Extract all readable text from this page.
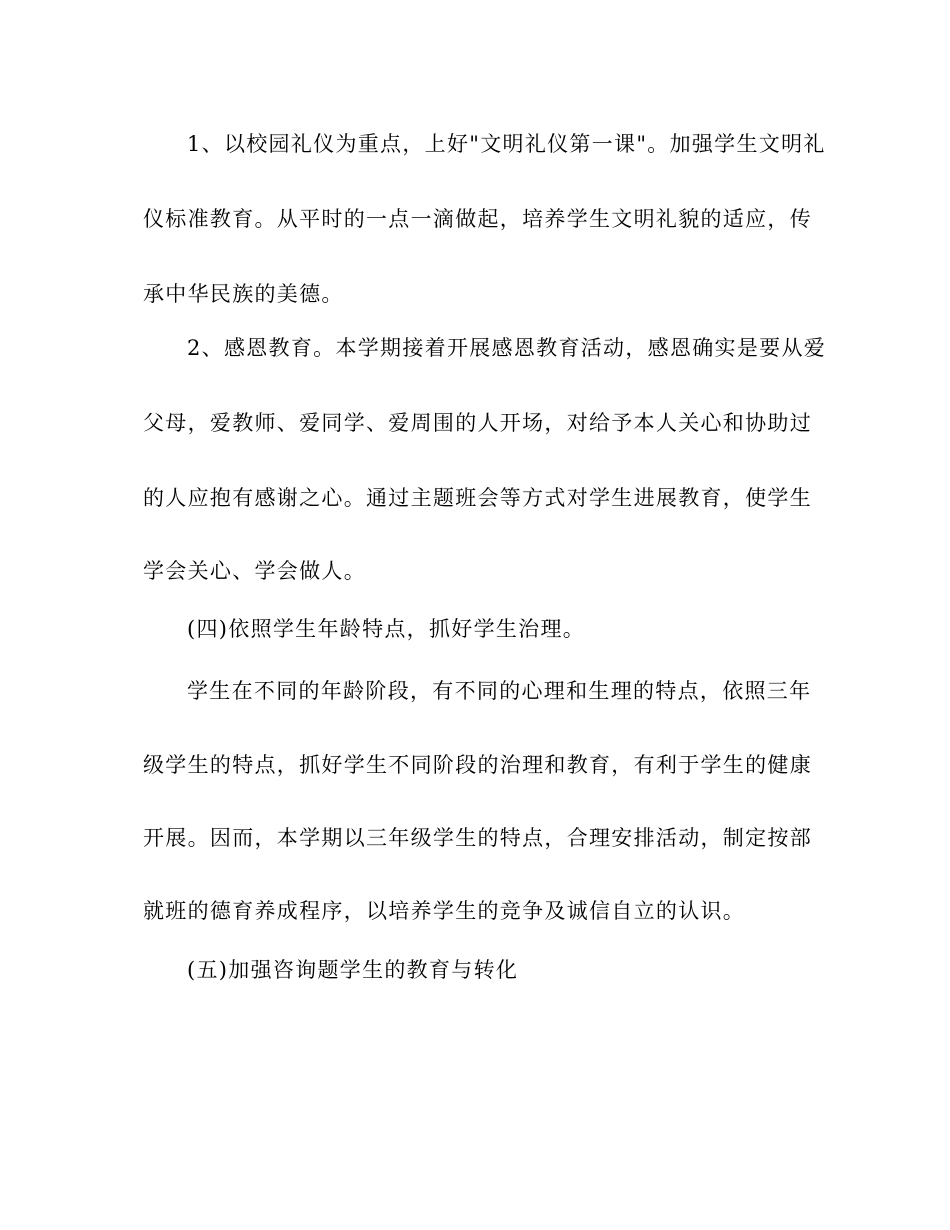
1、以校园礼仪为重点，上好"文明礼仪第一课"。加强学生文明礼
仪标准教育。从平时的一点一滴做起，培养学生文明礼貌的适应，传
承中华民族的美德。
2、感恩教育。本学期接着开展感恩教育活动，感恩确实是要从爱
父母，爱教师、爱同学、爱周围的人开场，对给予本人关心和协助过
的人应抱有感谢之心。通过主题班会等方式对学生进展教育，使学生
学会关心、学会做人。
(四)依照学生年龄特点，抓好学生治理。
学生在不同的年龄阶段，有不同的心理和生理的特点，依照三年
级学生的特点，抓好学生不同阶段的治理和教育，有利于学生的健康
开展。因而，本学期以三年级学生的特点，合理安排活动，制定按部
就班的德育养成程序，以培养学生的竞争及诚信自立的认识。
(五)加强咨询题学生的教育与转化
